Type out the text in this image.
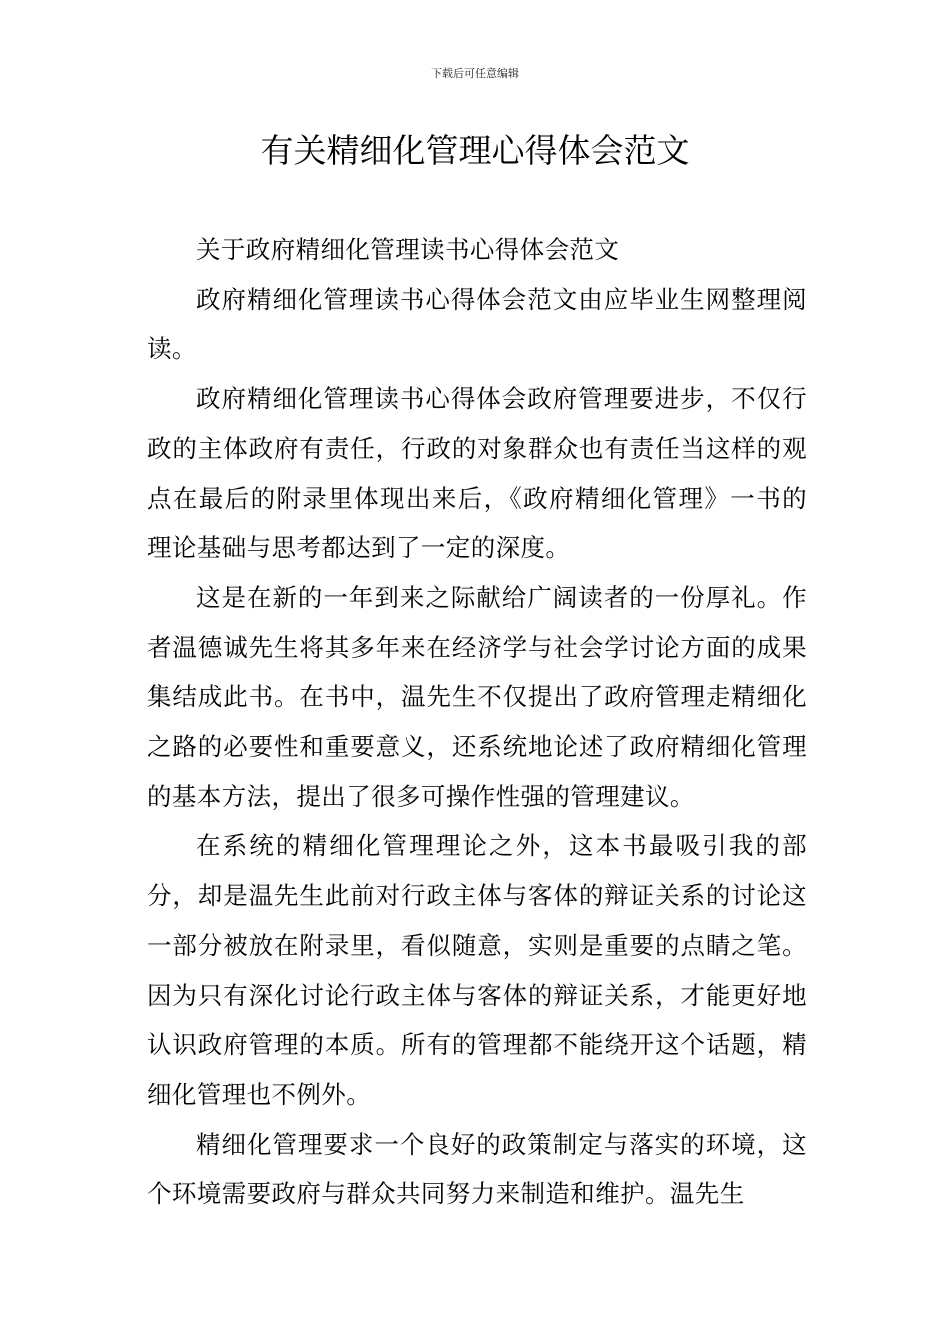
下载后可任意编辑
有关精细化管理心得体会范文

关于政府精细化管理读书心得体会范文

政府精细化管理读书心得体会范文由应毕业生网整理阅读。

政府精细化管理读书心得体会政府管理要进步，不仅行政的主体政府有责任，行政的对象群众也有责任当这样的观点在最后的附录里体现出来后，《政府精细化管理》一书的理论基础与思考都达到了一定的深度。

这是在新的一年到来之际献给广阔读者的一份厚礼。作者温德诚先生将其多年来在经济学与社会学讨论方面的成果集结成此书。在书中，温先生不仅提出了政府管理走精细化之路的必要性和重要意义，还系统地论述了政府精细化管理的基本方法，提出了很多可操作性强的管理建议。

在系统的精细化管理理论之外，这本书最吸引我的部分，却是温先生此前对行政主体与客体的辩证关系的讨论这一部分被放在附录里，看似随意，实则是重要的点睛之笔。因为只有深化讨论行政主体与客体的辩证关系，才能更好地认识政府管理的本质。所有的管理都不能绕开这个话题，精细化管理也不例外。

精细化管理要求一个良好的政策制定与落实的环境，这个环境需要政府与群众共同努力来制造和维护。温先生
